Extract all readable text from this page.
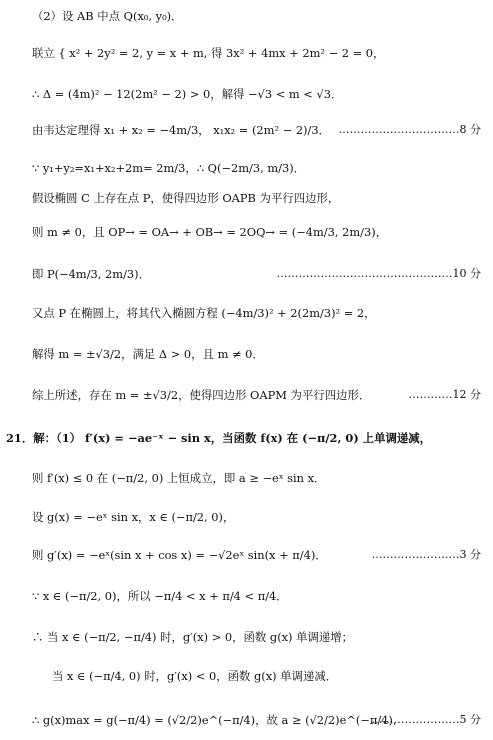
（2）设 AB 中点 Q(x₀, y₀)．
联立 { x² + 2y² = 2, y = x + m, 得 3x² + 4mx + 2m² − 2 = 0，
∴ Δ = (4m)² − 12(2m² − 2) > 0，解得 −√3 < m < √3．
由韦达定理得 x₁ + x₂ = −4m/3， x₁x₂ = (2m² − 2)/3． ……………………………8 分
∵ y₁+y₂=x₁+x₂+2m= 2m/3，∴ Q(−2m/3, m/3)．
假设椭圆 C 上存在点 P，使得四边形 OAPB 为平行四边形，
则 m ≠ 0，且 OP→ = OA→ + OB→ = 2OQ→ = (−4m/3, 2m/3)，
即 P(−4m/3, 2m/3)．	…………………………………………10 分
又点 P 在椭圆上，将其代入椭圆方程 (−4m/3)² + 2(2m/3)² = 2，
解得 m = ±√3/2，满足 Δ > 0，且 m ≠ 0．
综上所述，存在 m = ±√3/2，使得四边形 OAPM 为平行四边形．	…………12 分
21．解：（1） f′(x) = −ae⁻ˣ − sin x，当函数 f(x) 在 (−π/2, 0) 上单调递减，
则 f′(x) ≤ 0 在 (−π/2, 0) 上恒成立，即 a ≥ −eˣ sin x．
设 g(x) = −eˣ sin x，x ∈ (−π/2, 0)，
则 g′(x) = −eˣ(sin x + cos x) = −√2eˣ sin(x + π/4)．	……………………3 分
∵ x ∈ (−π/2, 0)，所以 −π/4 < x + π/4 < π/4．
∴ 当 x ∈ (−π/2, −π/4) 时，g′(x) > 0，函数 g(x) 单调递增；
当 x ∈ (−π/4, 0) 时，g′(x) < 0，函数 g(x) 单调递减．
∴ g(x)max = g(−π/4) = (√2/2)e^(−π/4)，故 a ≥ (√2/2)e^(−π/4)．
……………………5 分
